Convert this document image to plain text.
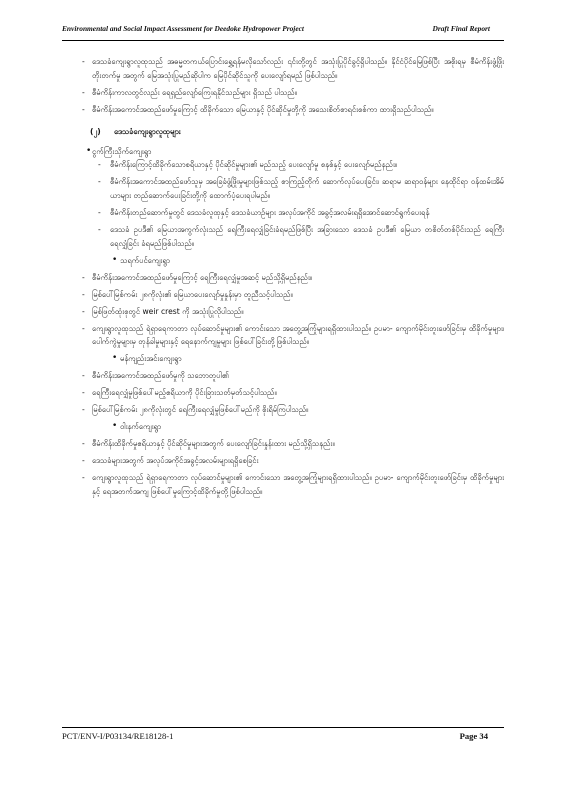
Environmental and Social Impact Assessment for Deedoke Hydropower Project	Draft Final Report
- ဒေသခံကျေးရွာလူထုသည် အဓမ္မတကယ်ပြောင်းရွှေ့ရန်မလိုသော်လည်း ၎င်းတို့တွင် အသုံးပြုပိုင်ခွင့်ရှိပါသည်။ နိုင်ငံပိုင်မြေဖြစ်ပြီး အစိုးရမှ စီမံကိန်းဖွံ့ဖြိုးတိုးတက်မှု အတွက် မြေအသုံးပြုမည်ဆိုပါက မြေပိုင်ဆိုင်သူကို ပေးလျော်ရမည် ဖြစ်ပါသည်။
- စီမံကိန်းကာလတွင်လည်း ရေရှည်လျော်ကြေးရနိုင်သည်များ ရှိသည် ပါသည်။
- စီမံကိန်းအကောင်အထည်ဖော်မှုကြောင့် ထိခိုက်သော မြေယာနှင့် ပိုင်ဆိုင်မှုတို့ကို အသေးစိတ်စာရင်းစစ်ကာ ထားရှိသည်ပါသည်။
(၂) ဒေသခံကျေးရွာလူထုများ
• ငွက်ကြီးသိုက်ကျေးရွာ
- စီမံကိန်းကြောင့်ထိခိုက်သောစရိယာနှင့် ပိုင်ဆိုင်မှုများ၏ မည်သည့် ပေးလျော်မှု စနစ်နှင့် ပေးလျော်မည်နည်း။
- စီမံကိန်းအကောင်အထည်ဖော်သူမှ အခြေခံဖွံ့ဖြိုးမှုများဖြစ်သည့် စာကြည့်တိုက် ဆောက်လုပ်ပေးခြင်း၊ ဆရာမ ဆရာဝန်များ နေထိုင်ရာ ဝန်ထမ်းအိမ်ယာများ တည်ဆောက်ပေးခြင်းတို့ကို ထောက်ပံ့ပေးရပါမည်။
- စီမံကိန်းတည်ဆောက်မှုတွင် ဒေသခံလူထုနှင့် ဒေသခံယာဉ်များ အလုပ်အကိုင် အခွင့်အလမ်းရရှိအောင်ဆောင်ရွက်ပေးရန်
- ဒေသခံ ဥပဒီ၏ မြေယာအကွက်လုံးသည် ရေကြီးရေလျှံခြင်းခံရမည်ဖြစ်ပြီး အခြားသော ဒေသခံ ဥပဒီ၏ မြေယာ တစိတ်တစ်ပိုင်းသည် ရေကြီးရေလျှံခြင်း ခံရမည်ဖြစ်ပါသည်။
• သရက်ပင်ကျေးရွာ
- စီမံကိန်းအကောင်အထည်ဖော်မှုကြောင့် ရေကြီးရေလျှံမှုအဆင့် မည်သို့ရှိမည်နည်း။
- မြစ်ပေါ်မြစ်ကမ်း ၂၈ကိုလုံး၏ မြေယာပေးလျော်မှုနှုန်းမှာ တူညီသင့်ပါသည်။
- မြစ်ဖြတ်ထုံးစုတွင် weir crest ကို အသုံးပြုလိုပါသည်။
- ကျေးရွာလူထုသည် ရဲရှာရေကာတာ လုပ်ဆောင်မှုများ၏ ကောင်းသော အတွေ့အကြုံများရရှိထားပါသည်။ ဥပမာ- ကျောက်မိုင်းတူးဖော်ခြင်းမှ ထိခိုက်မှုများ၊ ပေါက်ကွဲမှုများမှ တုန်ခါမှုများနှင့် ရေနောက်ကျမှုများ ဖြစ်ပေါ်ခြင်းတို့ဖြစ်ပါသည်။
• မန်ကျည်းအင်းကျေးရွာ
- စီမံကိန်းအကောင်အထည်ဖော်မှုကို သဘောတူပါ၏
- ရေကြီးရေလျှံမှုဖြစ်ပေါ်မည့်ဧရိယာကို ပိုင်းခြားသတ်မှတ်သင့်ပါသည်။
- မြစ်ပေါ်မြစ်ကမ်း ၂၈ကိုလုံးတွင် ရေကြီးရေလျှံမှုဖြစ်ပေါ်မည်ကို စိုးရိမ်ကြပါသည်။
• ဝါးနက်ကျေးရွာ
- စီမံကိန်းထိခိုက်မှုဧရိယာနှင့် ပိုင်ဆိုင်မှုများအတွက် ပေးလျော်ခြင်းနှုန်းထား မည်သို့ရှိသနည်း။
- ဒေသခံများအတွက် အလုပ်အကိုင်အခွင့်အလမ်းများရရှိစေခြင်း
- ကျေးရွာလူထုသည် ရဲရှာရေကာတာ လုပ်ဆောင်မှုများ၏ ကောင်းသော အတွေ့အကြုံများရရှိထားပါသည်။ ဥပမာ- ကျောက်မိုင်းတူးဖော်ခြင်းမှ ထိခိုက်မှုများ နှင့် ရေအတက်အကျ ဖြစ်ပေါ်မှုကြောင့်ထိခိုက်မှုတို့ဖြစ်ပါသည်။
PCT/ENV-I/P03134/RE18128-1	Page 34
